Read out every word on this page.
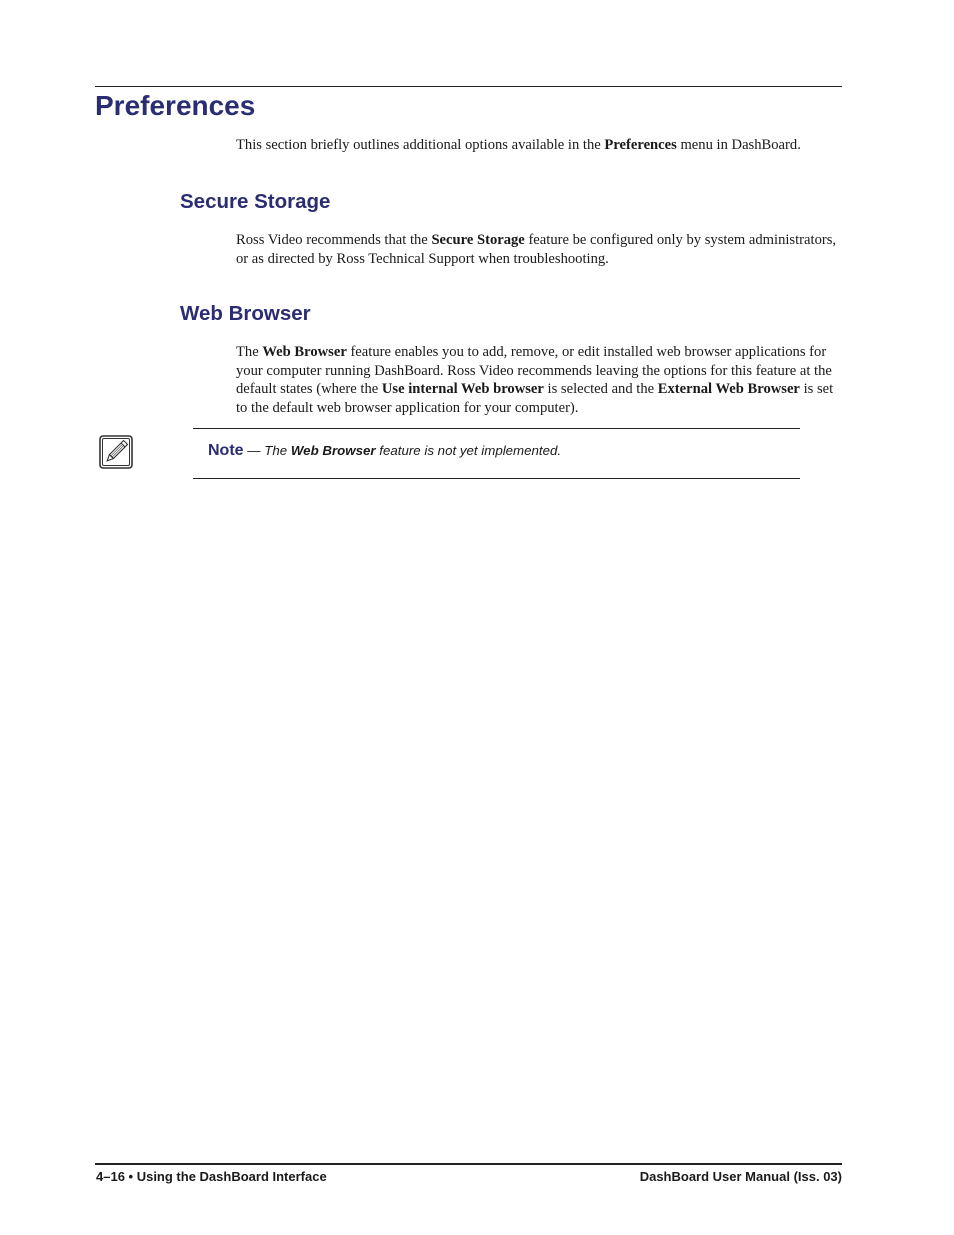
Preferences

This section briefly outlines additional options available in the Preferences menu in DashBoard.

Secure Storage

Ross Video recommends that the Secure Storage feature be configured only by system administrators, or as directed by Ross Technical Support when troubleshooting.

Web Browser

The Web Browser feature enables you to add, remove, or edit installed web browser applications for your computer running DashBoard. Ross Video recommends leaving the options for this feature at the default states (where the Use internal Web browser is selected and the External Web Browser is set to the default web browser application for your computer).

Note — The Web Browser feature is not yet implemented.

4–16 • Using the DashBoard Interface	DashBoard User Manual (Iss. 03)
